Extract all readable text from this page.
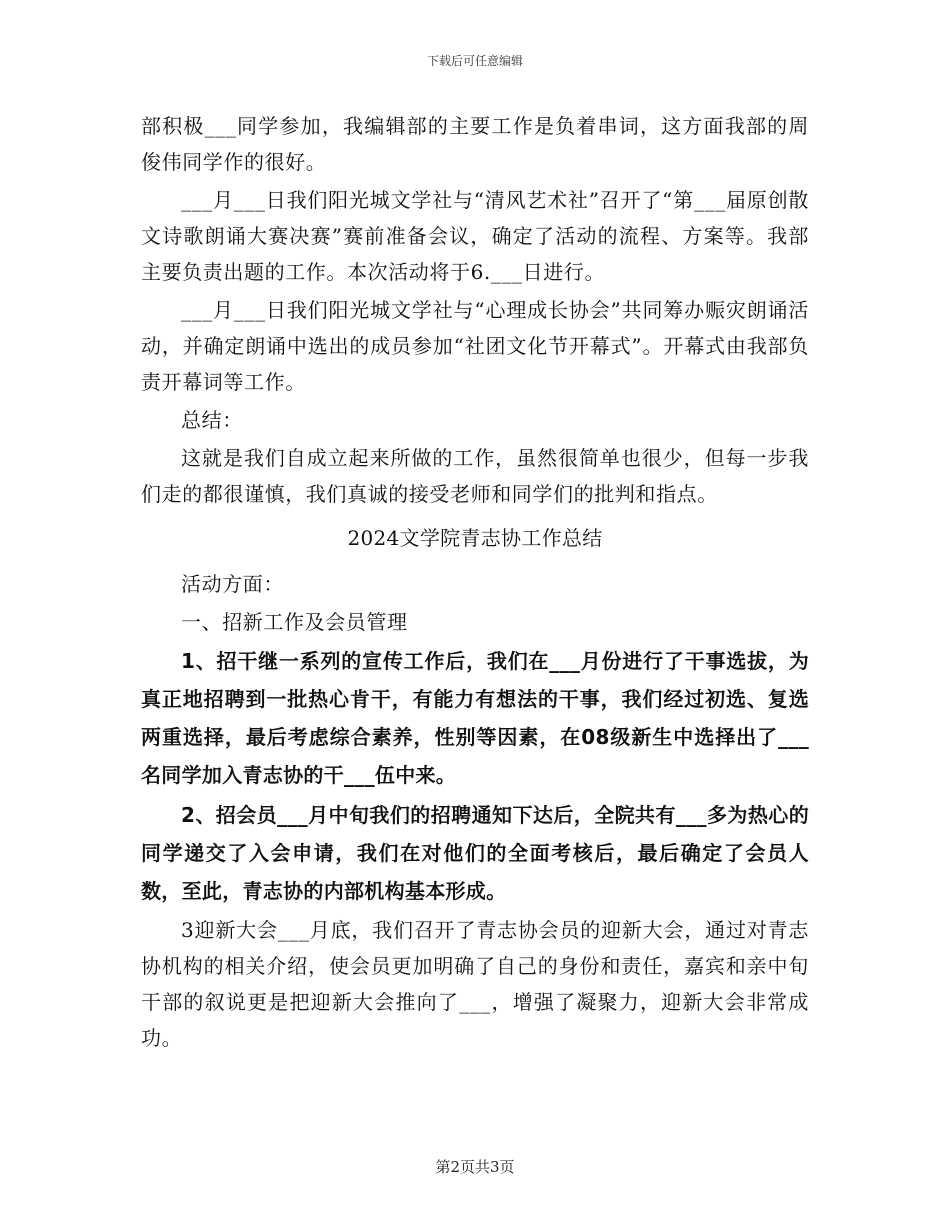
下载后可任意编辑

部积极___同学参加，我编辑部的主要工作是负着串词，这方面我部的周俊伟同学作的很好。

___月___日我们阳光城文学社与“清风艺术社”召开了“第___届原创散文诗歌朗诵大赛决赛”赛前准备会议，确定了活动的流程、方案等。我部主要负责出题的工作。本次活动将于6.___日进行。

___月___日我们阳光城文学社与“心理成长协会”共同筹办赈灾朗诵活动，并确定朗诵中选出的成员参加“社团文化节开幕式”。开幕式由我部负责开幕词等工作。

总结：

这就是我们自成立起来所做的工作，虽然很简单也很少，但每一步我们走的都很谨慎，我们真诚的接受老师和同学们的批判和指点。

2024文学院青志协工作总结

活动方面：

一、招新工作及会员管理

1、招干继一系列的宣传工作后，我们在___月份进行了干事选拔，为真正地招聘到一批热心肯干，有能力有想法的干事，我们经过初选、复选两重选择，最后考虑综合素养，性别等因素，在08级新生中选择出了___名同学加入青志协的干___伍中来。

2、招会员___月中旬我们的招聘通知下达后，全院共有___多为热心的同学递交了入会申请，我们在对他们的全面考核后，最后确定了会员人数，至此，青志协的内部机构基本形成。

3迎新大会___月底，我们召开了青志协会员的迎新大会，通过对青志协机构的相关介绍，使会员更加明确了自己的身份和责任，嘉宾和亲中旬干部的叙说更是把迎新大会推向了___，增强了凝聚力，迎新大会非常成功。

第2页共3页
